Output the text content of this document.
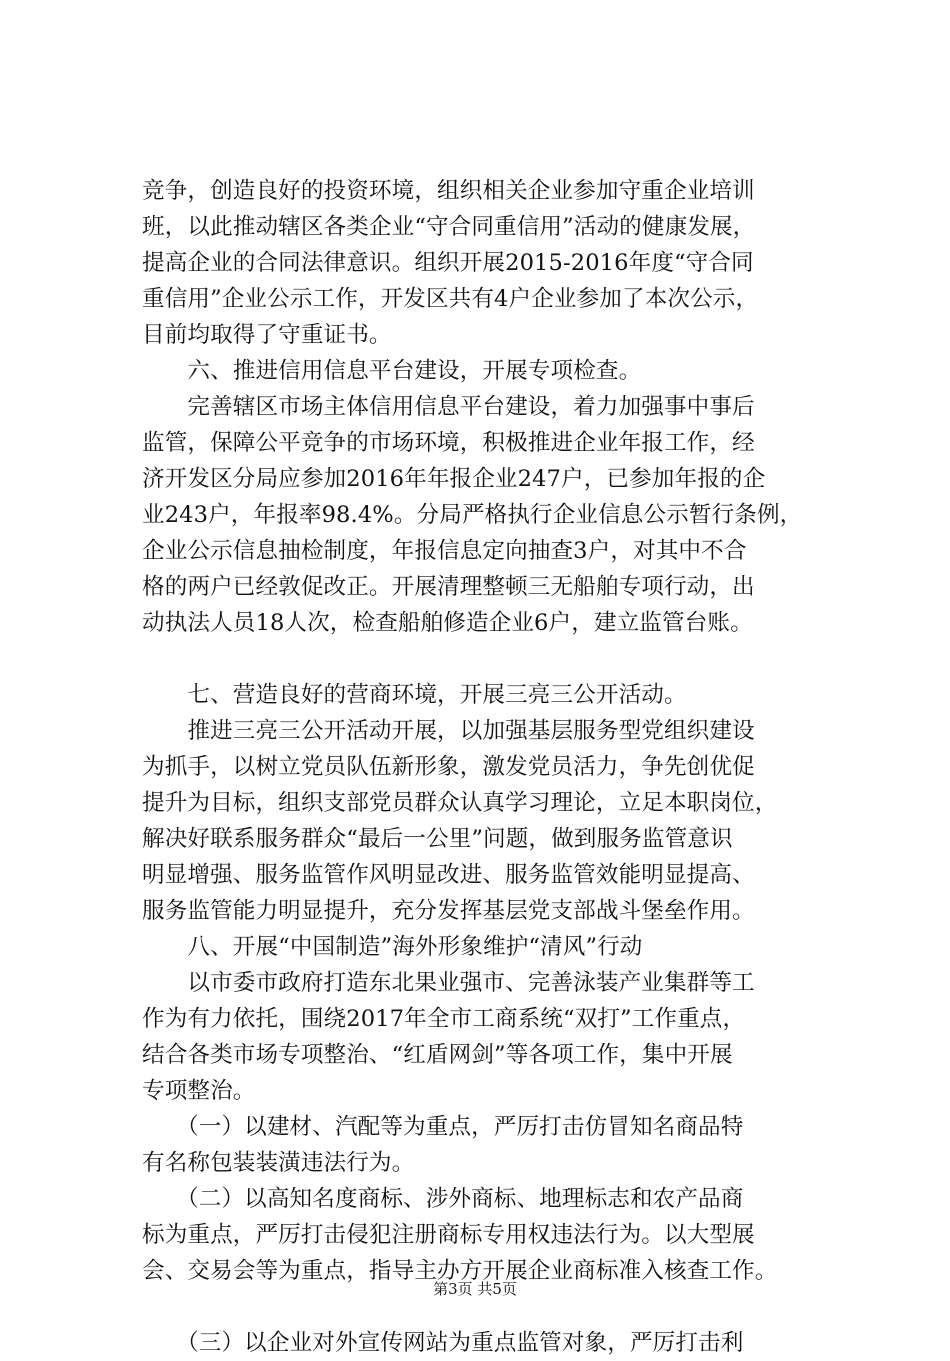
竞争，创造良好的投资环境，组织相关企业参加守重企业培训
班，以此推动辖区各类企业“守合同重信用”活动的健康发展，
提高企业的合同法律意识。组织开展2015-2016年度“守合同
重信用”企业公示工作，开发区共有4户企业参加了本次公示，
目前均取得了守重证书。
　　六、推进信用信息平台建设，开展专项检查。
　　完善辖区市场主体信用信息平台建设，着力加强事中事后
监管，保障公平竞争的市场环境，积极推进企业年报工作，经
济开发区分局应参加2016年年报企业247户，已参加年报的企
业243户，年报率98.4%。分局严格执行企业信息公示暂行条例，
企业公示信息抽检制度，年报信息定向抽查3户，对其中不合
格的两户已经敦促改正。开展清理整顿三无船舶专项行动，出
动执法人员18人次，检查船舶修造企业6户，建立监管台账。
　　七、营造良好的营商环境，开展三亮三公开活动。
　　推进三亮三公开活动开展，以加强基层服务型党组织建设
为抓手，以树立党员队伍新形象，激发党员活力，争先创优促
提升为目标，组织支部党员群众认真学习理论，立足本职岗位，
解决好联系服务群众“最后一公里”问题，做到服务监管意识
明显增强、服务监管作风明显改进、服务监管效能明显提高、
服务监管能力明显提升，充分发挥基层党支部战斗堡垒作用。
　　八、开展“中国制造”海外形象维护“清风”行动
　　以市委市政府打造东北果业强市、完善泳装产业集群等工
作为有力依托，围绕2017年全市工商系统“双打”工作重点，
结合各类市场专项整治、“红盾网剑”等各项工作，集中开展
专项整治。
　　（一）以建材、汽配等为重点，严厉打击仿冒知名商品特
有名称包装装潢违法行为。
　　（二）以高知名度商标、涉外商标、地理标志和农产品商
标为重点，严厉打击侵犯注册商标专用权违法行为。以大型展
会、交易会等为重点，指导主办方开展企业商标准入核查工作。
　　（三）以企业对外宣传网站为重点监管对象，严厉打击利
第3页 共5页
